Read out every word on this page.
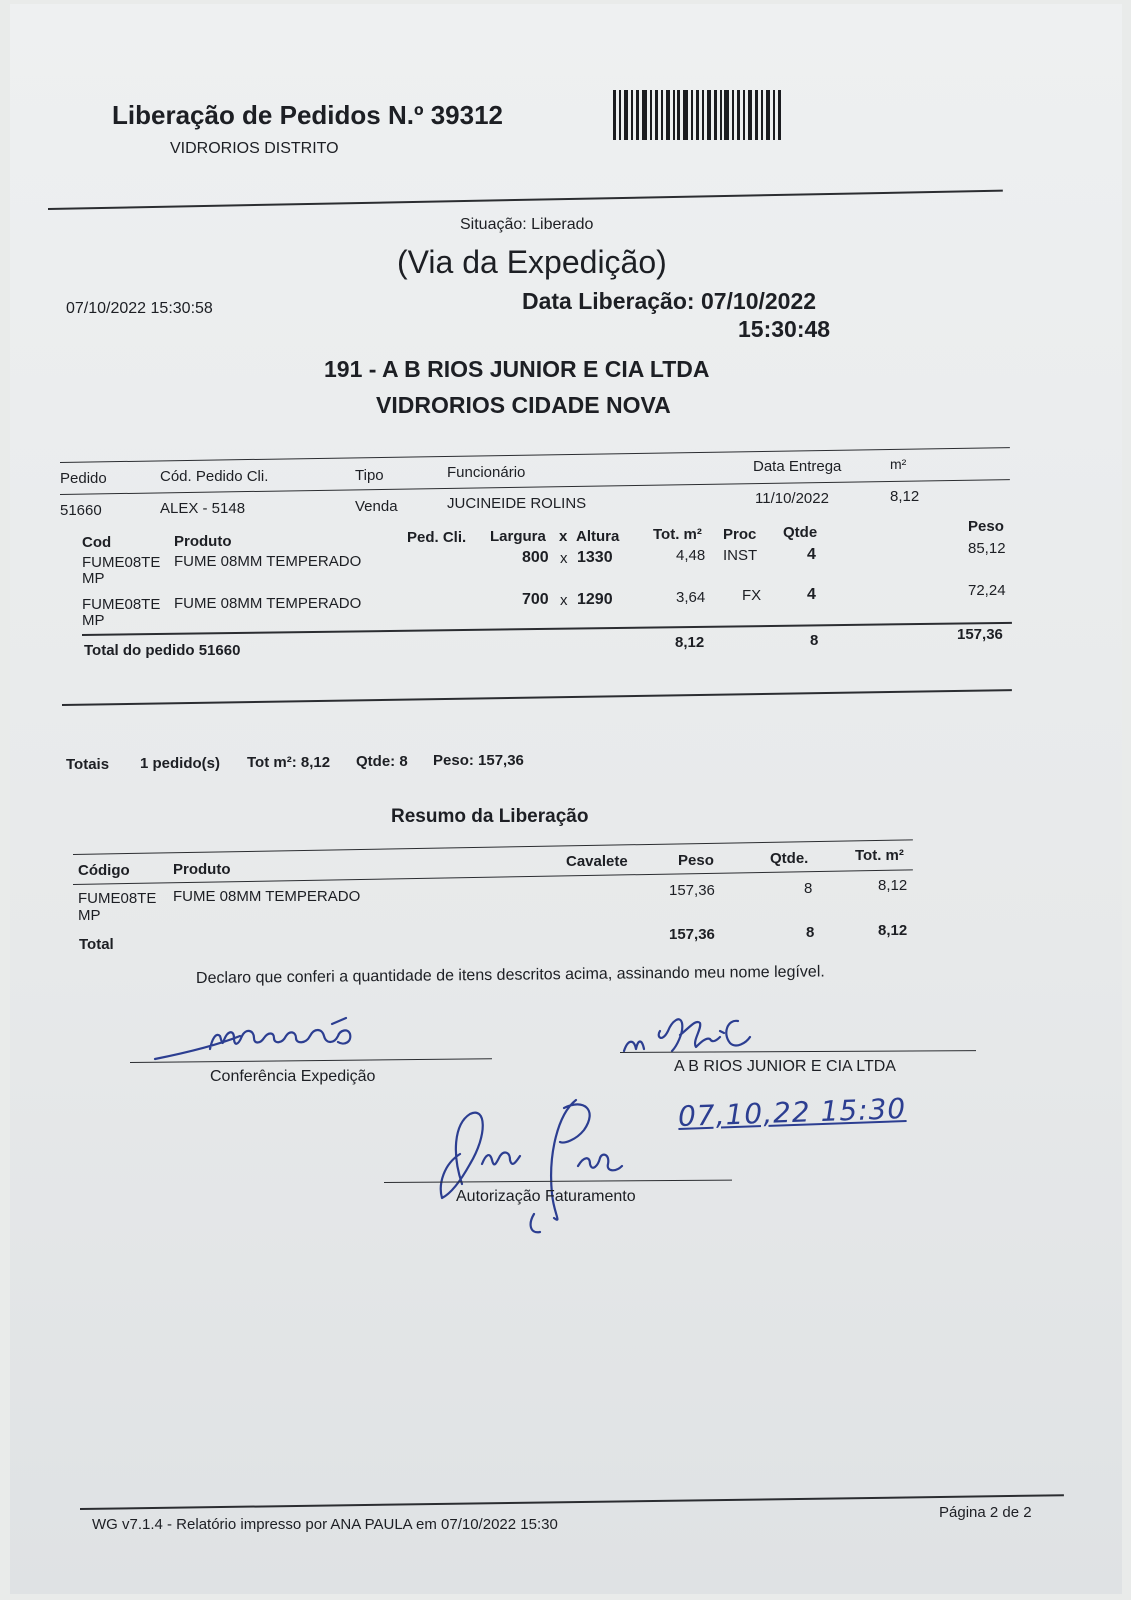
Liberação de Pedidos N.º 39312
VIDRORIOS DISTRITO
Situação: Liberado
(Via da Expedição)
07/10/2022 15:30:58	Data Liberação: 07/10/2022
15:30:48
191 - A B RIOS JUNIOR E CIA LTDA
VIDRORIOS CIDADE NOVA
Pedido	Cód. Pedido Cli.	Tipo	Funcionário	Data Entrega	m²
51660	ALEX - 5148	Venda	JUCINEIDE ROLINS	11/10/2022	8,12
Cod	Produto	Ped. Cli. Largura x Altura Tot. m² Proc Qtde	Peso
FUME08TE
MP
FUME 08MM TEMPERADO	800 x 1330	4,48 INST	4	85,12
FUME08TE
MP
FUME 08MM TEMPERADO	700 x 1290	3,64 FX	4	72,24
Total do pedido 51660	8,12	8	157,36
Totais 1 pedido(s) Tot m²: 8,12 Qtde: 8 Peso: 157,36
Resumo da Liberação
Código	Produto	Cavalete	Peso	Qtde.	Tot. m²
FUME08TE
MP
FUME 08MM TEMPERADO	157,36	8	8,12
Total
157,36	8	8,12
Declaro que conferi a quantidade de itens descritos acima, assinando meu nome legível.
Conferência Expedição
A B RIOS JUNIOR E CIA LTDA
07,10,22 15:30
Autorização Faturamento
WG v7.1.4 - Relatório impresso por ANA PAULA em 07/10/2022 15:30
Página 2 de 2
